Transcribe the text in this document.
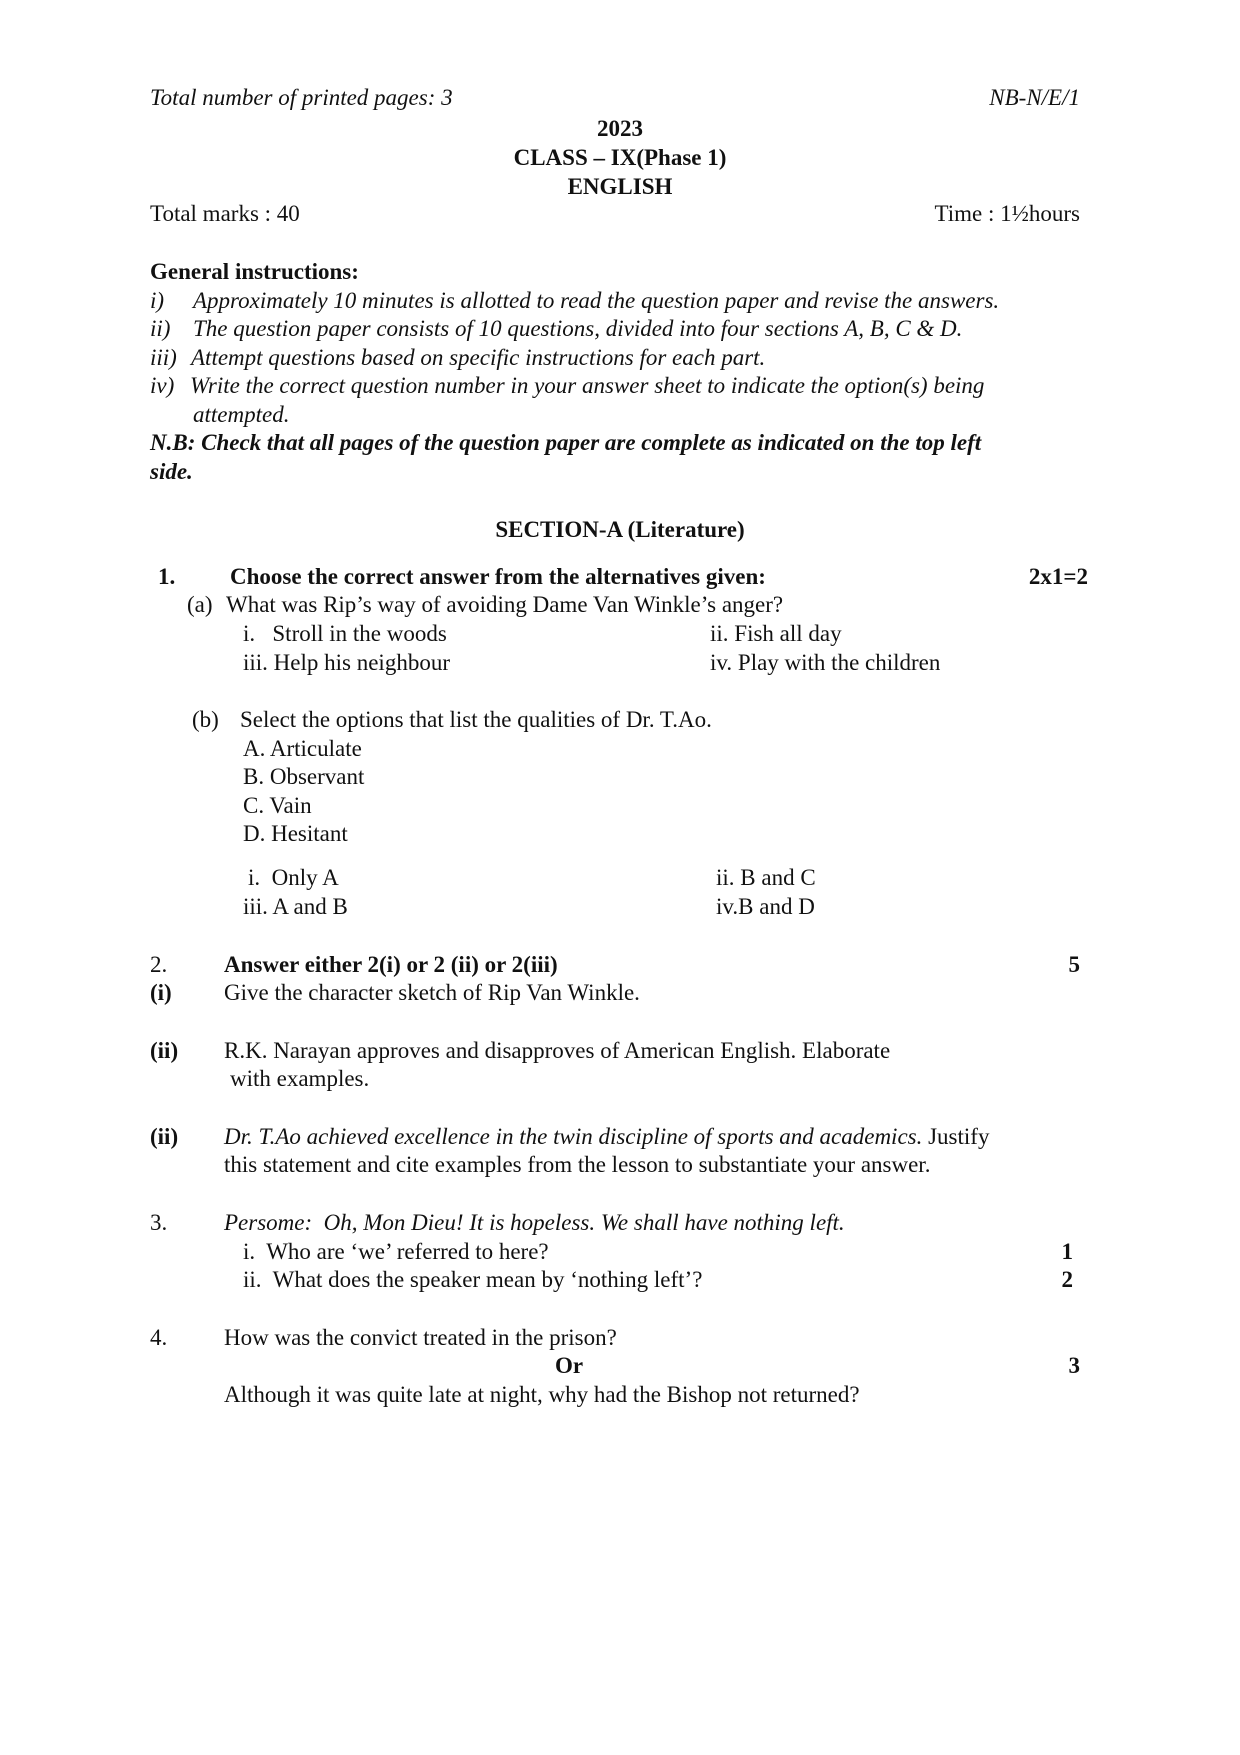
Total number of printed pages: 3	NB-N/E/1
2023
CLASS – IX(Phase 1)
ENGLISH
Total marks : 40	Time : 1½hours
General instructions:
i) Approximately 10 minutes is allotted to read the question paper and revise the answers.
ii) The question paper consists of 10 questions, divided into four sections A, B, C & D.
iii) Attempt questions based on specific instructions for each part.
iv) Write the correct question number in your answer sheet to indicate the option(s) being
attempted.
N.B: Check that all pages of the question paper are complete as indicated on the top left
side.
SECTION-A (Literature)
1. Choose the correct answer from the alternatives given:	2x1=2
(a) What was Rip’s way of avoiding Dame Van Winkle’s anger?
i.   Stroll in the woods	ii. Fish all day
iii. Help his neighbour	iv. Play with the children
(b) Select the options that list the qualities of Dr. T.Ao.
A. Articulate
B. Observant
C. Vain
D. Hesitant
i.  Only A	ii. B and C
iii. A and B	iv.B and D
2. Answer either 2(i) or 2 (ii) or 2(iii)	5
(i) Give the character sketch of Rip Van Winkle.
(ii) R.K. Narayan approves and disapproves of American English. Elaborate
with examples.
(ii) Dr. T.Ao achieved excellence in the twin discipline of sports and academics. Justify
this statement and cite examples from the lesson to substantiate your answer.
3. Persome:  Oh, Mon Dieu! It is hopeless. We shall have nothing left.
i.  Who are ‘we’ referred to here?	1
ii.  What does the speaker mean by ‘nothing left’?	2
4. How was the convict treated in the prison?
Or	3
Although it was quite late at night, why had the Bishop not returned?
